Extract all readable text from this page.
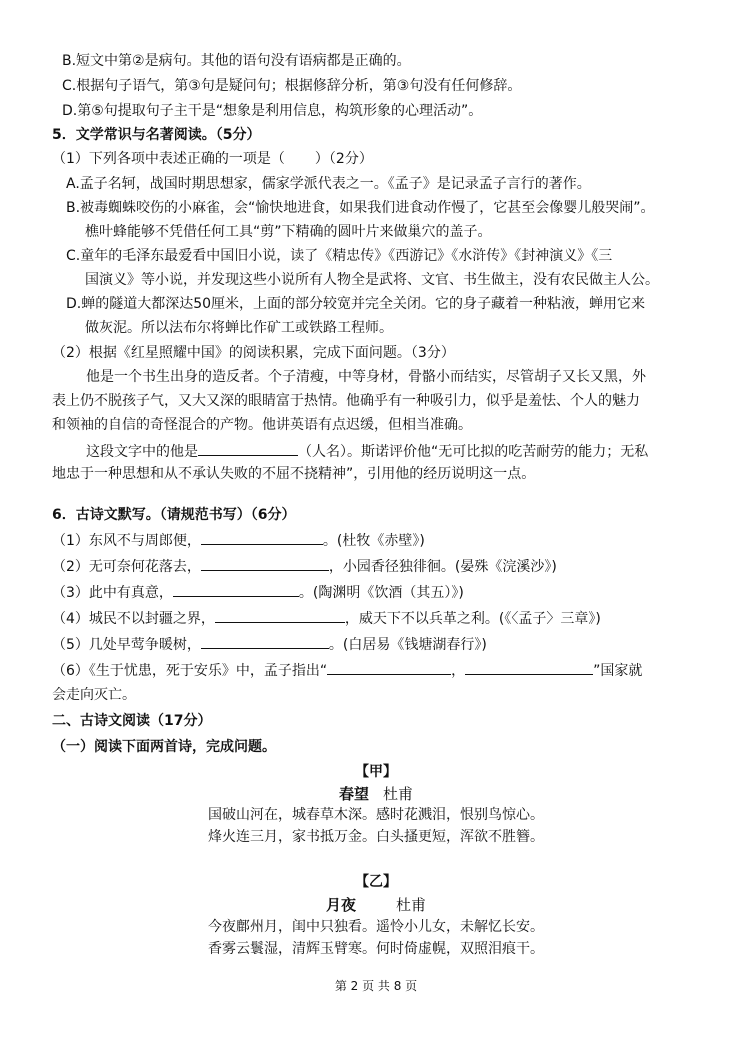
B.短文中第②是病句。其他的语句没有语病都是正确的。
C.根据句子语气，第③句是疑问句；根据修辞分析，第③句没有任何修辞。
D.第⑤句提取句子主干是“想象是利用信息，构筑形象的心理活动”。
5．文学常识与名著阅读。（5分）
（1）下列各项中表述正确的一项是（ ）（2分）
A.孟子名轲，战国时期思想家，儒家学派代表之一。《孟子》是记录孟子言行的著作。
B.被毒蜘蛛咬伤的小麻雀，会“愉快地进食，如果我们进食动作慢了，它甚至会像婴儿般哭闹”。
樵叶蜂能够不凭借任何工具“剪”下精确的圆叶片来做巢穴的盖子。
C.童年的毛泽东最爱看中国旧小说，读了《精忠传》《西游记》《水浒传》《封神演义》《三
国演义》等小说，并发现这些小说所有人物全是武将、文官、书生做主，没有农民做主人公。
D.蝉的隧道大都深达50厘米，上面的部分较宽并完全关闭。它的身子藏着一种粘液，蝉用它来
做灰泥。所以法布尔将蝉比作矿工或铁路工程师。
（2）根据《红星照耀中国》的阅读积累，完成下面问题。（3分）
他是一个书生出身的造反者。个子清瘦，中等身材，骨骼小而结实，尽管胡子又长又黑，外
表上仍不脱孩子气，又大又深的眼睛富于热情。他确乎有一种吸引力，似乎是羞怯、个人的魅力
和领袖的自信的奇怪混合的产物。他讲英语有点迟缓，但相当准确。
这段文字中的他是	（人名）。斯诺评价他“无可比拟的吃苦耐劳的能力；无私
地忠于一种思想和从不承认失败的不屈不挠精神”，引用他的经历说明这一点。
6．古诗文默写。（请规范书写）（6分）
（1）东风不与周郎便，	。(杜牧《赤壁》)
（2）无可奈何花落去，	，小园香径独徘徊。(晏殊《浣溪沙》)
（3）此中有真意，	。(陶渊明《饮酒（其五）》)
（4）城民不以封疆之界，	，威天下不以兵革之利。(《〈孟子〉三章》)
（5）几处早莺争暖树，	。(白居易《钱塘湖春行》)
（6）《生于忧患，死于安乐》中，孟子指出“	，	”国家就
会走向灭亡。
二、古诗文阅读（17分）
（一）阅读下面两首诗，完成问题。
【甲】
春望 杜甫
国破山河在，城春草木深。感时花溅泪，恨别鸟惊心。
烽火连三月，家书抵万金。白头搔更短，浑欲不胜簪。
【乙】
月夜	杜甫
今夜鄜州月，闺中只独看。遥怜小儿女，未解忆长安。
香雾云鬟湿，清辉玉臂寒。何时倚虚幌，双照泪痕干。
第 2 页 共 8 页
